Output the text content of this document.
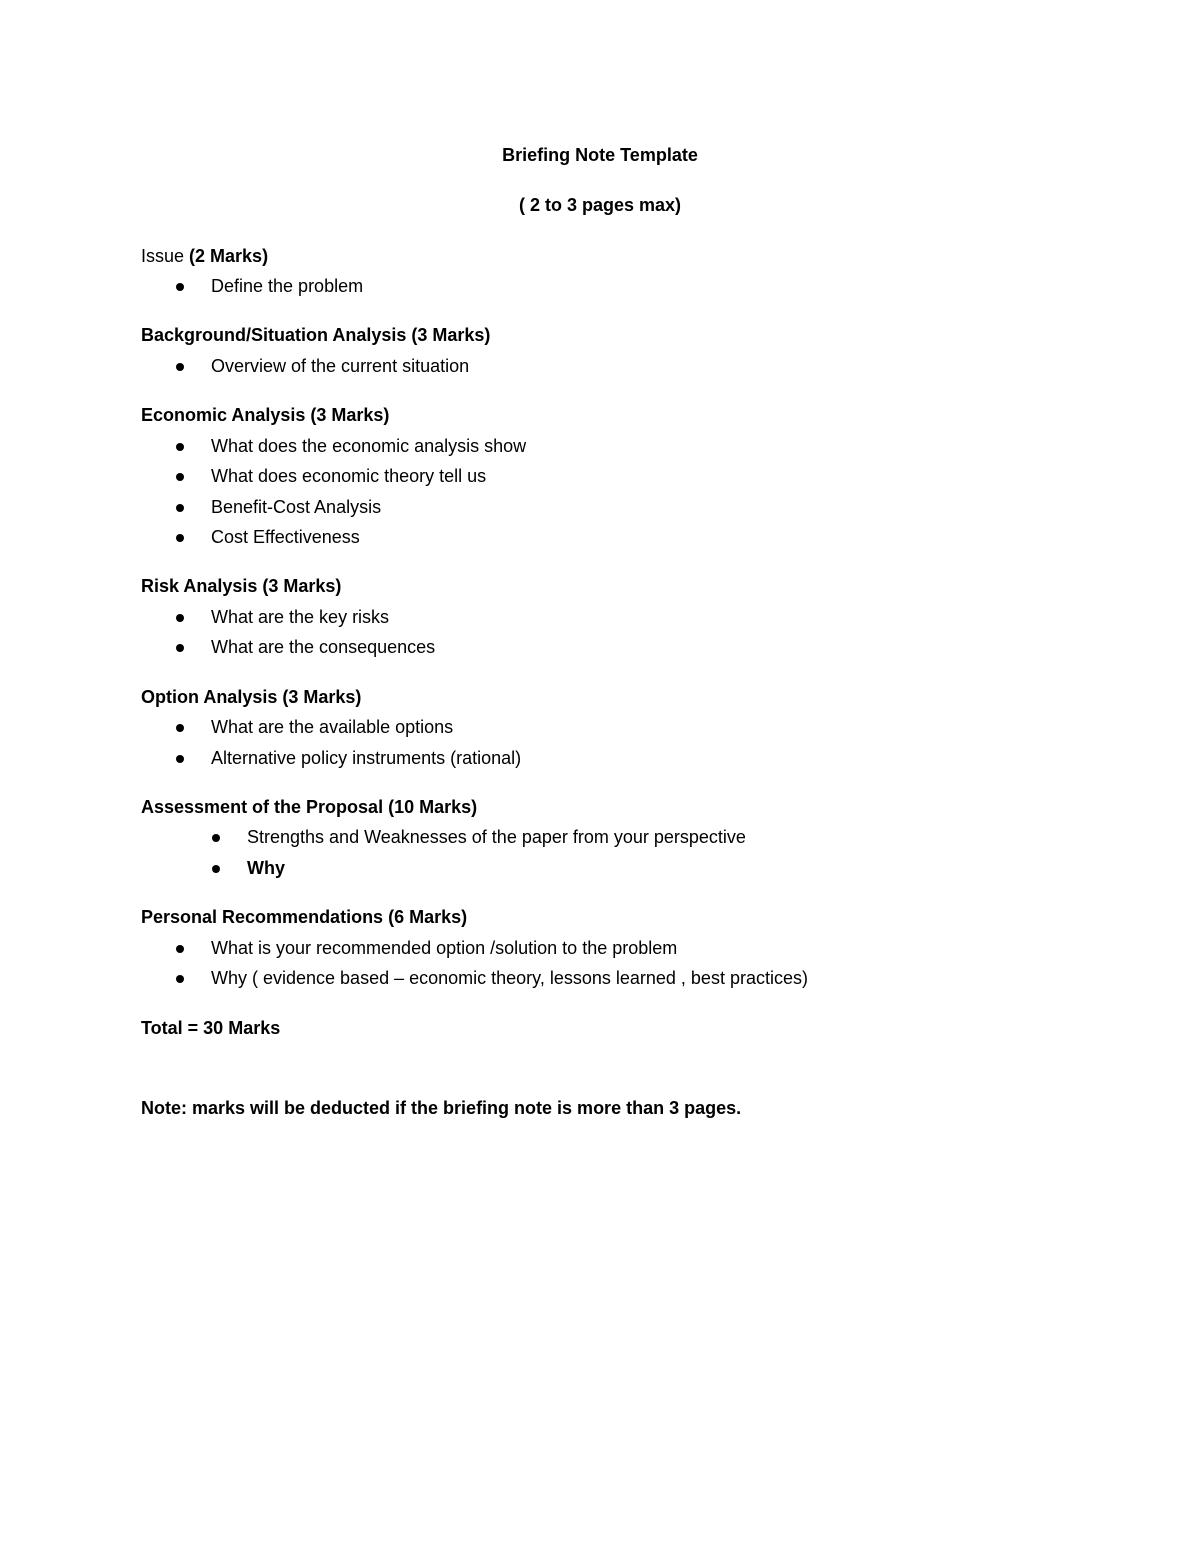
Briefing Note Template
( 2 to 3 pages max)
Issue (2 Marks)
Define the problem
Background/Situation Analysis (3 Marks)
Overview of the current situation
Economic Analysis (3 Marks)
What does the economic analysis show
What does economic theory tell us
Benefit-Cost Analysis
Cost Effectiveness
Risk Analysis (3 Marks)
What are the key risks
What are the consequences
Option Analysis (3 Marks)
What are the available options
Alternative policy instruments (rational)
Assessment of the Proposal (10 Marks)
Strengths and Weaknesses of the paper from your perspective
Why
Personal Recommendations (6 Marks)
What is your recommended option /solution to the problem
Why ( evidence based – economic theory, lessons learned , best practices)
Total = 30 Marks
Note: marks will be deducted if the briefing note is more than 3 pages.
